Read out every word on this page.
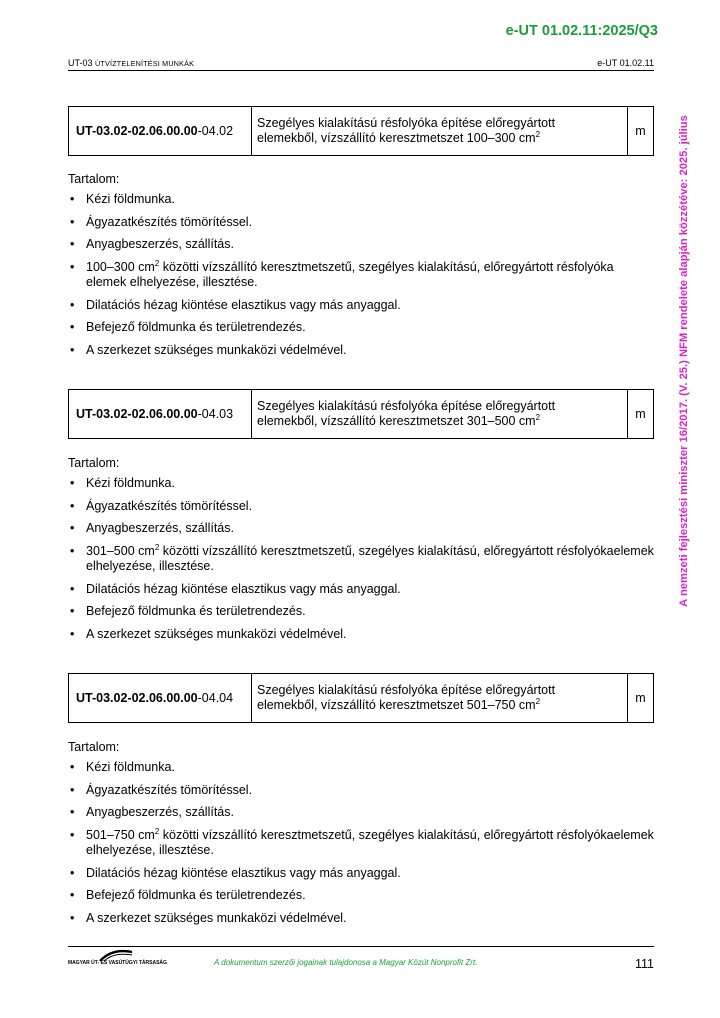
e-UT 01.02.11:2025/Q3
UT-03 ÚTVÍZTELENÍTÉSI MUNKÁK	e-UT 01.02.11
A nemzeti fejlesztési miniszter 16/2017. (V. 25.) NFM rendelete alapján közzétéve: 2025. július
UT-03.02-02.06.00.00 -04.02
Szegélyes kialakítású résfolyóka építése előregyártott
elemekből, vízszállító keresztmetszet 100–300 $cm^2$	m
Tartalom:
• Kézi földmunka.
• Ágyazatkészítés tömörítéssel.
• Anyagbeszerzés, szállítás.
• 100–300 $cm^2$ közötti vízszállító keresztmetszetű, szegélyes kialakítású, előregyártott résfolyóka elemek elhelyezése, illesztése.
• Dilatációs hézag kiöntése elasztikus vagy más anyaggal.
• Befejező földmunka és területrendezés.
• A szerkezet szükséges munkaközi védelmével.
UT-03.02-02.06.00.00 -04.03
Szegélyes kialakítású résfolyóka építése előregyártott
elemekből, vízszállító keresztmetszet 301–500 $cm^2$	m
Tartalom:
• Kézi földmunka.
• Ágyazatkészítés tömörítéssel.
• Anyagbeszerzés, szállítás.
• 301–500 $cm^2$ közötti vízszállító keresztmetszetű, szegélyes kialakítású, előregyártott résfolyókaelemek elhelyezése, illesztése.
• Dilatációs hézag kiöntése elasztikus vagy más anyaggal.
• Befejező földmunka és területrendezés.
• A szerkezet szükséges munkaközi védelmével.
UT-03.02-02.06.00.00 -04.04
Szegélyes kialakítású résfolyóka építése előregyártott
elemekből, vízszállító keresztmetszet 501–750 $cm^2$	m
Tartalom:
• Kézi földmunka.
• Ágyazatkészítés tömörítéssel.
• Anyagbeszerzés, szállítás.
• 501–750 $cm^2$ közötti vízszállító keresztmetszetű, szegélyes kialakítású, előregyártott résfolyókaelemek elhelyezése, illesztése.
• Dilatációs hézag kiöntése elasztikus vagy más anyaggal.
• Befejező földmunka és területrendezés.
• A szerkezet szükséges munkaközi védelmével.
MAGYAR ÚT- ÉS VASÚTÜGYI TÁRSASÁG	A dokumentum szerzői jogainak tulajdonosa a Magyar Közút Nonprofit Zrt.	111
